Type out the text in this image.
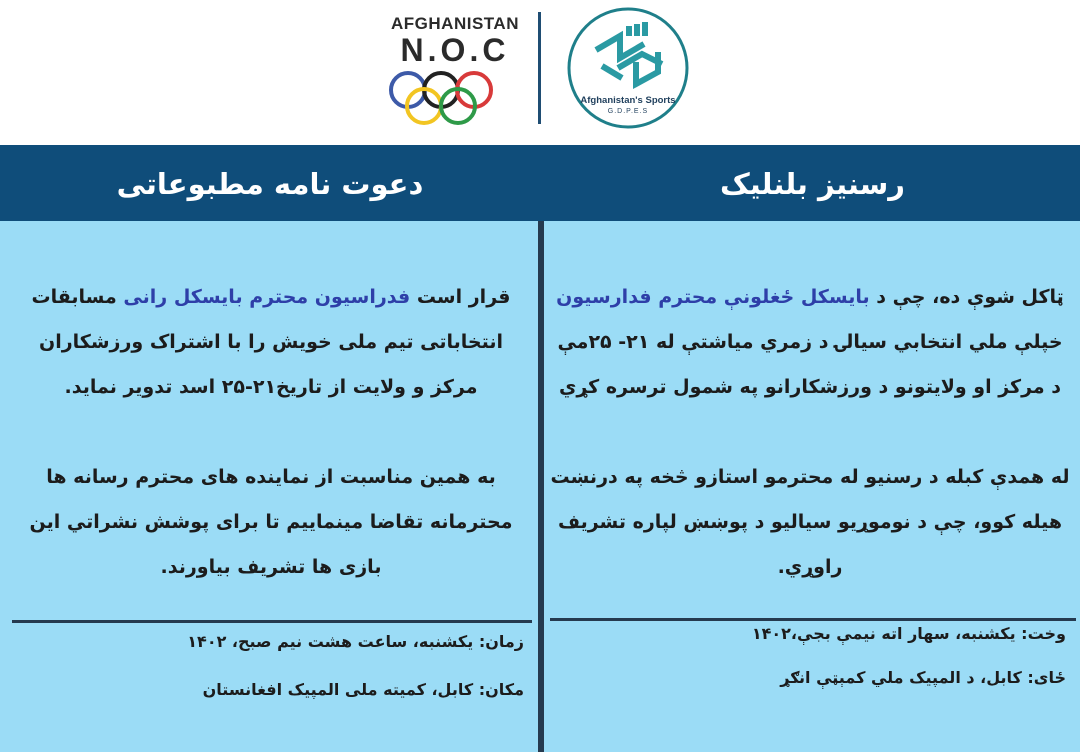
AFGHANISTAN
N.O.C
Afghanistan's Sports
G.D.P.E.S
دعوت نامه مطبوعاتی	رسنيز بلنليک
قرار است فدراسیون محترم بایسکل رانی مسابقات انتخاباتی تیم ملی خویش را با اشتراک ورزشکاران مرکز و ولایت از تاریخ۲۱-۲۵ اسد تدویر نماید.
به همین مناسبت از نماینده های محترم رسانه ها محترمانه تقاضا مینماییم تا برای پوشش نشراتي این بازی ها تشریف بیاورند.
زمان: یکشنبه، ساعت هشت نیم صبح، ۱۴۰۲
مکان: کابل، کمیته ملی المپیک افغانستان
ټاکل شوې ده، چې د بایسکل ځغلونې محترم فدارسیون خپلې ملي انتخابي سيالۍ د زمري مياشتې له ۲۱- ۲۵مې د مرکز او ولايتونو د ورزشکارانو په شمول ترسره کړي
له همدې کبله د رسنيو له محترمو استازو څخه په درنښت هیله کوو، چې د نوموړیو سیالیو د پوښښ لپاره تشريف راوړي.
وخت: يکشنبه، سهار اته نيمې بجې،۱۴۰۲
ځای: کابل، د المپیک ملي کمېټې انګړ
